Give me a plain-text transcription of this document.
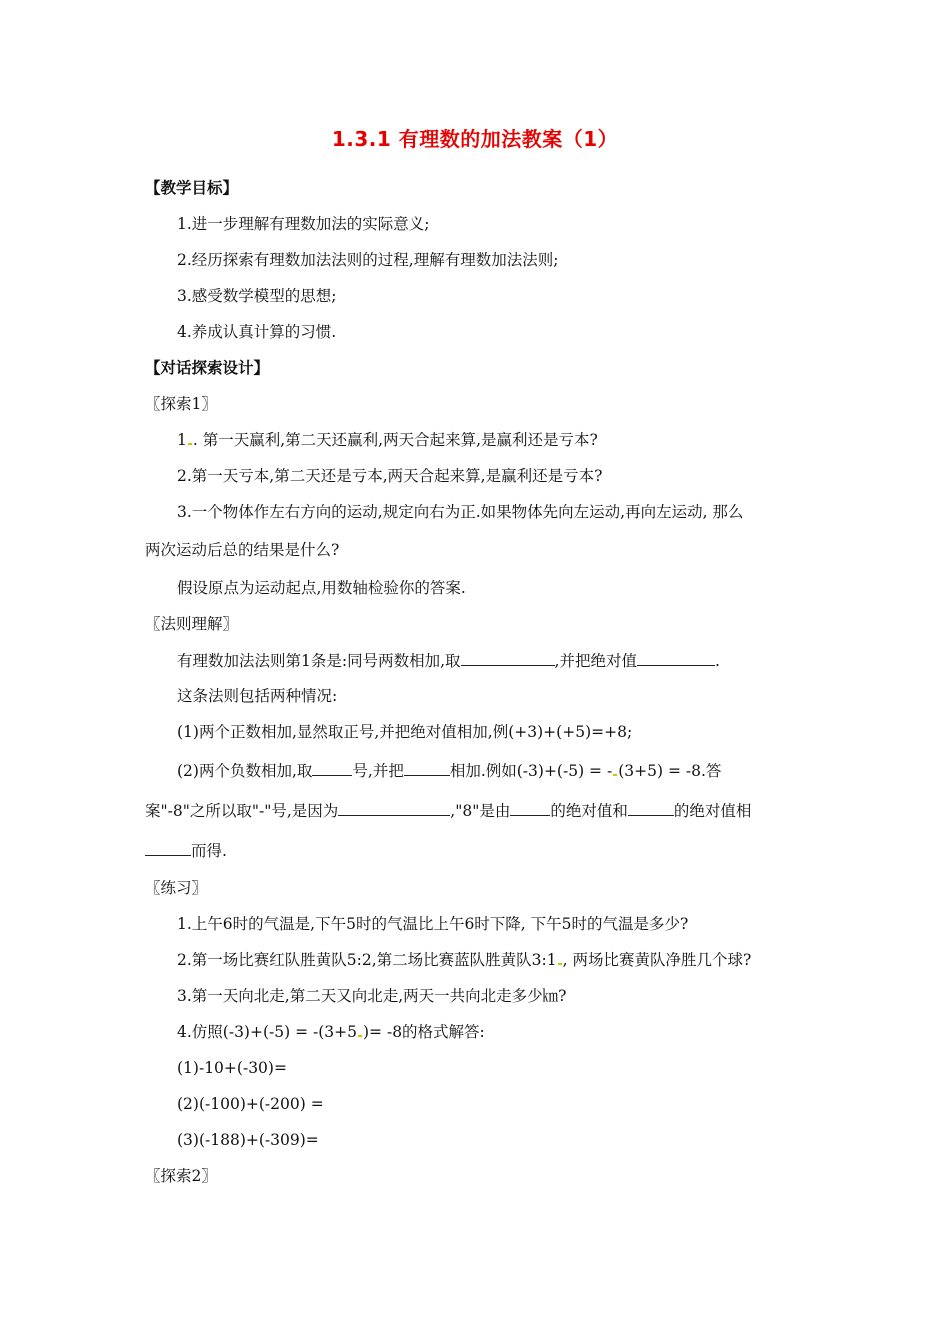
1.3.1 有理数的加法教案（1）
【教学目标】
1.进一步理解有理数加法的实际意义;
2.经历探索有理数加法法则的过程,理解有理数加法法则;
3.感受数学模型的思想;
4.养成认真计算的习惯.
【对话探索设计】
〖探索1〗
1 . 第一天赢利,第二天还赢利,两天合起来算,是赢利还是亏本?
2.第一天亏本,第二天还是亏本,两天合起来算,是赢利还是亏本?
3.一个物体作左右方向的运动,规定向右为正.如果物体先向左运动,再向左运动, 那么
两次运动后总的结果是什么?
假设原点为运动起点,用数轴检验你的答案.
〖法则理解〗
有理数加法法则第1条是:同号两数相加,取	,并把绝对值	.
这条法则包括两种情况:
(1)两个正数相加,显然取正号,并把绝对值相加,例(+3)+(+5)=+8;
(2)两个负数相加,取	号,并把	相加.例如(-3)+(-5) = - (3+5) = -8.答
案"-8"之所以取"-"号,是因为	,"8"是由	的绝对值和	的绝对值相
而得.
〖练习〗
1.上午6时的气温是,下午5时的气温比上午6时下降, 下午5时的气温是多少?
2.第一场比赛红队胜黄队5:2,第二场比赛蓝队胜黄队3:1 , 两场比赛黄队净胜几个球?
3.第一天向北走,第二天又向北走,两天一共向北走多少㎞?
4.仿照(-3)+(-5) = -(3+5 )= -8的格式解答:
(1)-10+(-30)=
(2)(-100)+(-200) =
(3)(-188)+(-309)=
〖探索2〗
